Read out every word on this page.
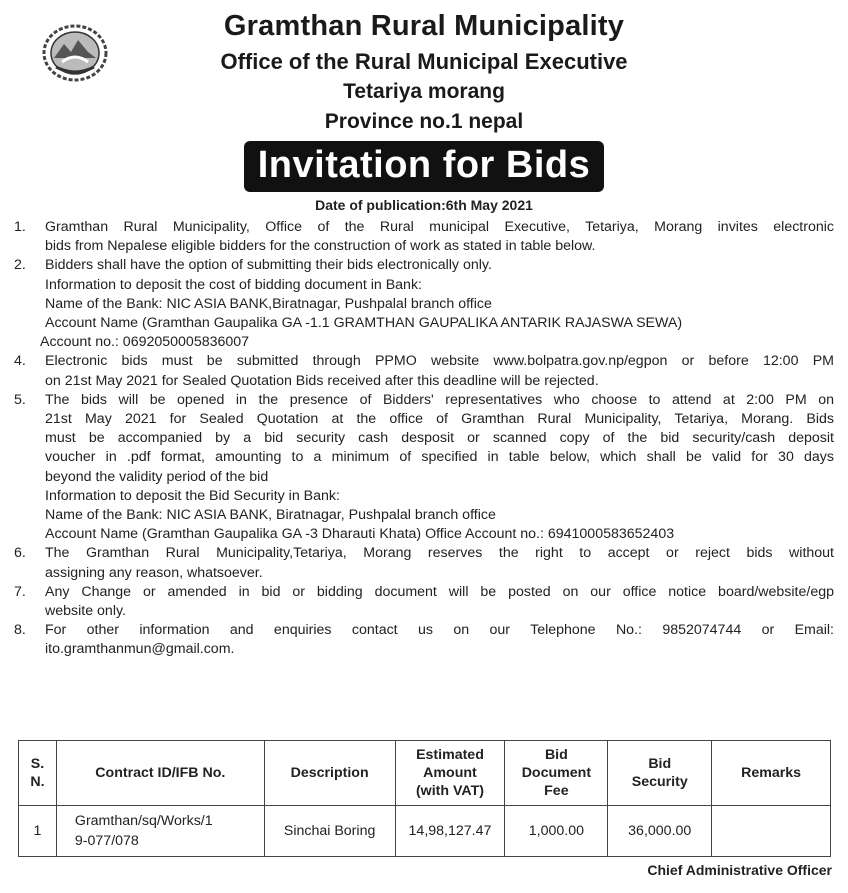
Gramthan Rural Municipality
Office of the Rural Municipal Executive
Tetariya morang
Province no.1 nepal
Invitation for Bids
Date of publication:6th May 2021
1. Gramthan Rural Municipality, Office of the Rural municipal Executive, Tetariya, Morang invites electronic
bids from Nepalese eligible bidders for the construction of work as stated in table below.
2. Bidders shall have the option of submitting their bids electronically only.
Information to deposit the cost of bidding document in Bank:
Name of the Bank: NIC ASIA BANK,Biratnagar, Pushpalal branch office
Account Name (Gramthan Gaupalika GA -1.1 GRAMTHAN GAUPALIKA ANTARIK RAJASWA SEWA)
Account no.: 0692050005836007
4. Electronic bids must be submitted through PPMO website www.bolpatra.gov.np/egpon or before 12:00 PM
on 21st May 2021 for Sealed Quotation Bids received after this deadline will be rejected.
5. The bids will be opened in the presence of Bidders' representatives who choose to attend at 2:00 PM on
21st May 2021 for Sealed Quotation at the office of Gramthan Rural Municipality, Tetariya, Morang. Bids
must be accompanied by a bid security cash desposit or scanned copy of the bid security/cash deposit
voucher in .pdf format, amounting to a minimum of specified in table below, which shall be valid for 30 days
beyond the validity period of the bid
Information to deposit the Bid Security in Bank:
Name of the Bank: NIC ASIA BANK, Biratnagar, Pushpalal branch office
Account Name (Gramthan Gaupalika GA -3 Dharauti Khata) Office Account no.: 6941000583652403
6. The Gramthan Rural Municipality,Tetariya, Morang reserves the right to accept or reject bids without
assigning any reason, whatsoever.
7. Any Change or amended in bid or bidding document will be posted on our office notice board/website/egp
website only.
8. For other information and enquiries contact us on our Telephone No.: 9852074744 or Email:
ito.gramthanmun@gmail.com.
S.
N.	Contract ID/IFB No.	Description	Estimated
Amount
(with VAT)	Bid
Document
Fee	Bid
Security	Remarks
1	Gramthan/sq/Works/1
9-077/078	Sinchai Boring	14,98,127.47	1,000.00	36,000.00	
Chief Administrative Officer
